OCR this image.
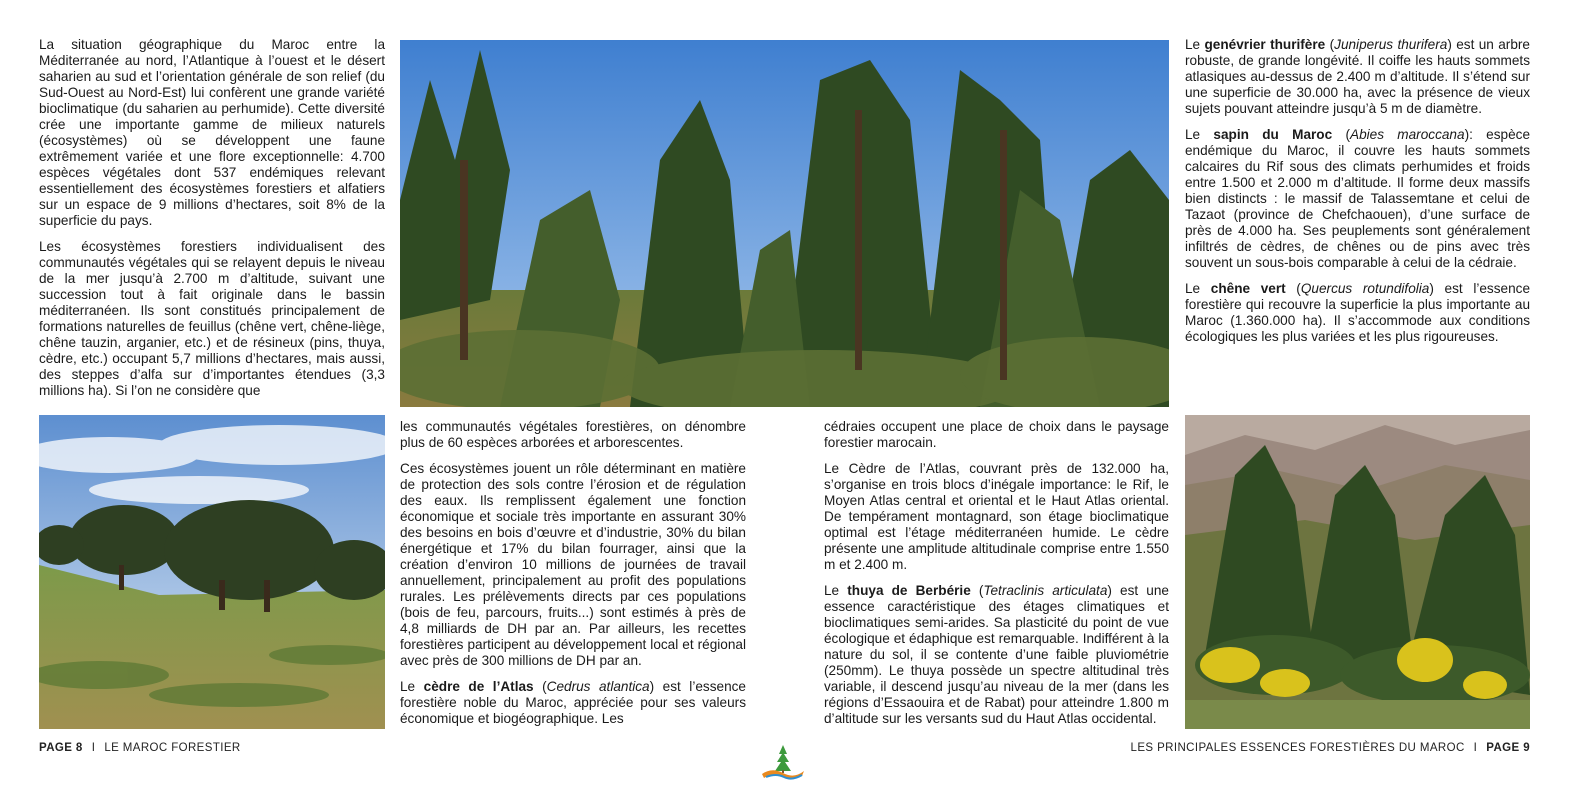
La situation géographique du Maroc entre la Méditerranée au nord, l’Atlantique à l’ouest et le désert saharien au sud et l’orientation générale de son relief (du Sud-Ouest au Nord-Est) lui confèrent une grande variété bioclimatique (du saharien au perhumide). Cette diversité crée une importante gamme de milieux naturels (écosystèmes) où se développent une faune extrêmement variée et une flore exceptionnelle: 4.700 espèces végétales dont 537 endémiques relevant essentiellement des écosystèmes forestiers et alfatiers sur un espace de 9 millions d’hectares, soit 8% de la superficie du pays.

Les écosystèmes forestiers individualisent des communautés végétales qui se relayent depuis le niveau de la mer jusqu’à 2.700 m d’altitude, suivant une succession tout à fait originale dans le bassin méditerranéen. Ils sont constitués principalement de formations naturelles de feuillus (chêne vert, chêne-liège, chêne tauzin, arganier, etc.) et de résineux (pins, thuya, cèdre, etc.) occupant 5,7 millions d’hectares, mais aussi, des steppes d’alfa sur d’importantes étendues (3,3 millions ha). Si l’on ne considère que

Le genévrier thurifère (Juniperus thurifera) est un arbre robuste, de grande longévité. Il coiffe les hauts sommets atlasiques au-dessus de 2.400 m d’altitude. Il s’étend sur une superficie de 30.000 ha, avec la présence de vieux sujets pouvant atteindre jusqu’à 5 m de diamètre.

Le sapin du Maroc (Abies maroccana): espèce endémique du Maroc, il couvre les hauts sommets calcaires du Rif sous des climats perhumides et froids entre 1.500 et 2.000 m d’altitude. Il forme deux massifs bien distincts : le massif de Talassemtane et celui de Tazaot (province de Chefchaouen), d’une surface de près de 4.000 ha. Ses peuplements sont généralement infiltrés de cèdres, de chênes ou de pins avec très souvent un sous-bois comparable à celui de la cédraie.

Le chêne vert (Quercus rotundifolia) est l’essence forestière qui recouvre la superficie la plus importante au Maroc (1.360.000 ha). Il s’accommode aux conditions écologiques les plus variées et les plus rigoureuses.

les communautés végétales forestières, on dénombre plus de 60 espèces arborées et arborescentes.

Ces écosystèmes jouent un rôle déterminant en matière de protection des sols contre l’érosion et de régulation des eaux. Ils remplissent également une fonction économique et sociale très importante en assurant 30% des besoins en bois d’œuvre et d’industrie, 30% du bilan énergétique et 17% du bilan fourrager, ainsi que la création d’environ 10 millions de journées de travail annuellement, principalement au profit des populations rurales. Les prélèvements directs par ces populations (bois de feu, parcours, fruits...) sont estimés à près de 4,8 milliards de DH par an. Par ailleurs, les recettes forestières participent au développement local et régional avec près de 300 millions de DH par an.

Le cèdre de l’Atlas (Cedrus atlantica) est l’essence forestière noble du Maroc, appréciée pour ses valeurs économique et biogéographique. Les

cédraies occupent une place de choix dans le paysage forestier marocain.

Le Cèdre de l’Atlas, couvrant près de 132.000 ha, s’organise en trois blocs d’inégale importance: le Rif, le Moyen Atlas central et oriental et le Haut Atlas oriental. De tempérament montagnard, son étage bioclimatique optimal est l’étage méditerranéen humide. Le cèdre présente une amplitude altitudinale comprise entre 1.550 m et 2.400 m.

Le thuya de Berbérie (Tetraclinis articulata) est une essence caractéristique des étages climatiques et bioclimatiques semi-arides. Sa plasticité du point de vue écologique et édaphique est remarquable. Indifférent à la nature du sol, il se contente d’une faible pluviométrie (250mm). Le thuya possède un spectre altitudinal très variable, il descend jusqu’au niveau de la mer (dans les régions d’Essaouira et de Rabat) pour atteindre 1.800 m d’altitude sur les versants sud du Haut Atlas occidental.

PAGE 8 I LE MAROC FORESTIER	LES PRINCIPALES ESSENCES FORESTIÈRES DU MAROC I PAGE 9
